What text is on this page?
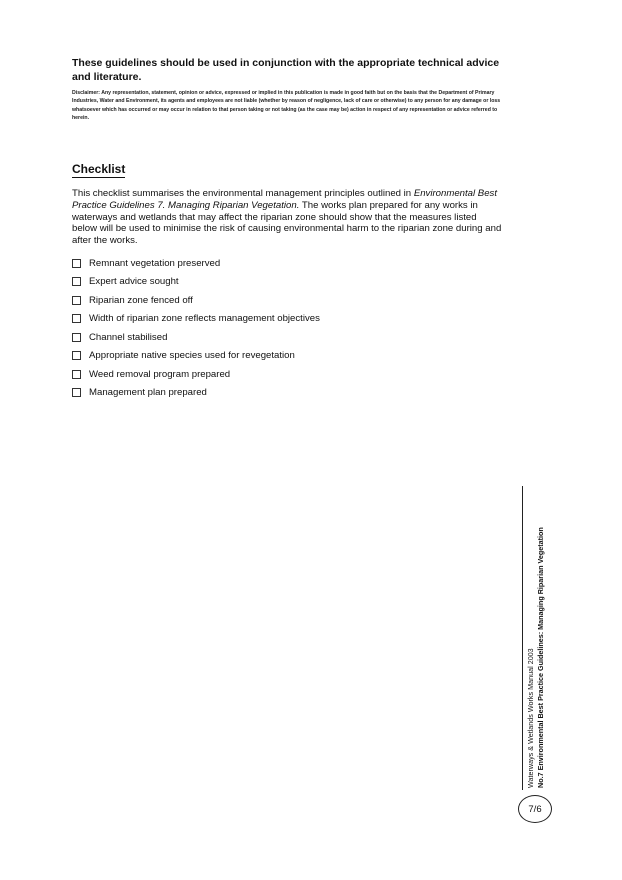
These guidelines should be used in conjunction with the appropriate technical advice and literature.

Disclaimer: Any representation, statement, opinion or advice, expressed or implied in this publication is made in good faith but on the basis that the Department of Primary Industries, Water and Environment, its agents and employees are not liable (whether by reason of negligence, lack of care or otherwise) to any person for any damage or loss whatsoever which has occurred or may occur in relation to that person taking or not taking (as the case may be) action in respect of any representation or advice referred to herein.

Checklist

This checklist summarises the environmental management principles outlined in Environmental Best Practice Guidelines 7. Managing Riparian Vegetation. The works plan prepared for any works in waterways and wetlands that may affect the riparian zone should show that the measures listed below will be used to minimise the risk of causing environmental harm to the riparian zone during and after the works.

Remnant vegetation preserved
Expert advice sought
Riparian zone fenced off
Width of riparian zone reflects management objectives
Channel stabilised
Appropriate native species used for revegetation
Weed removal program prepared
Management plan prepared
Waterways & Wetlands Works Manual 2003 No.7 Environmental Best Practice Guidelines: Managing Riparian Vegetation
7/6
